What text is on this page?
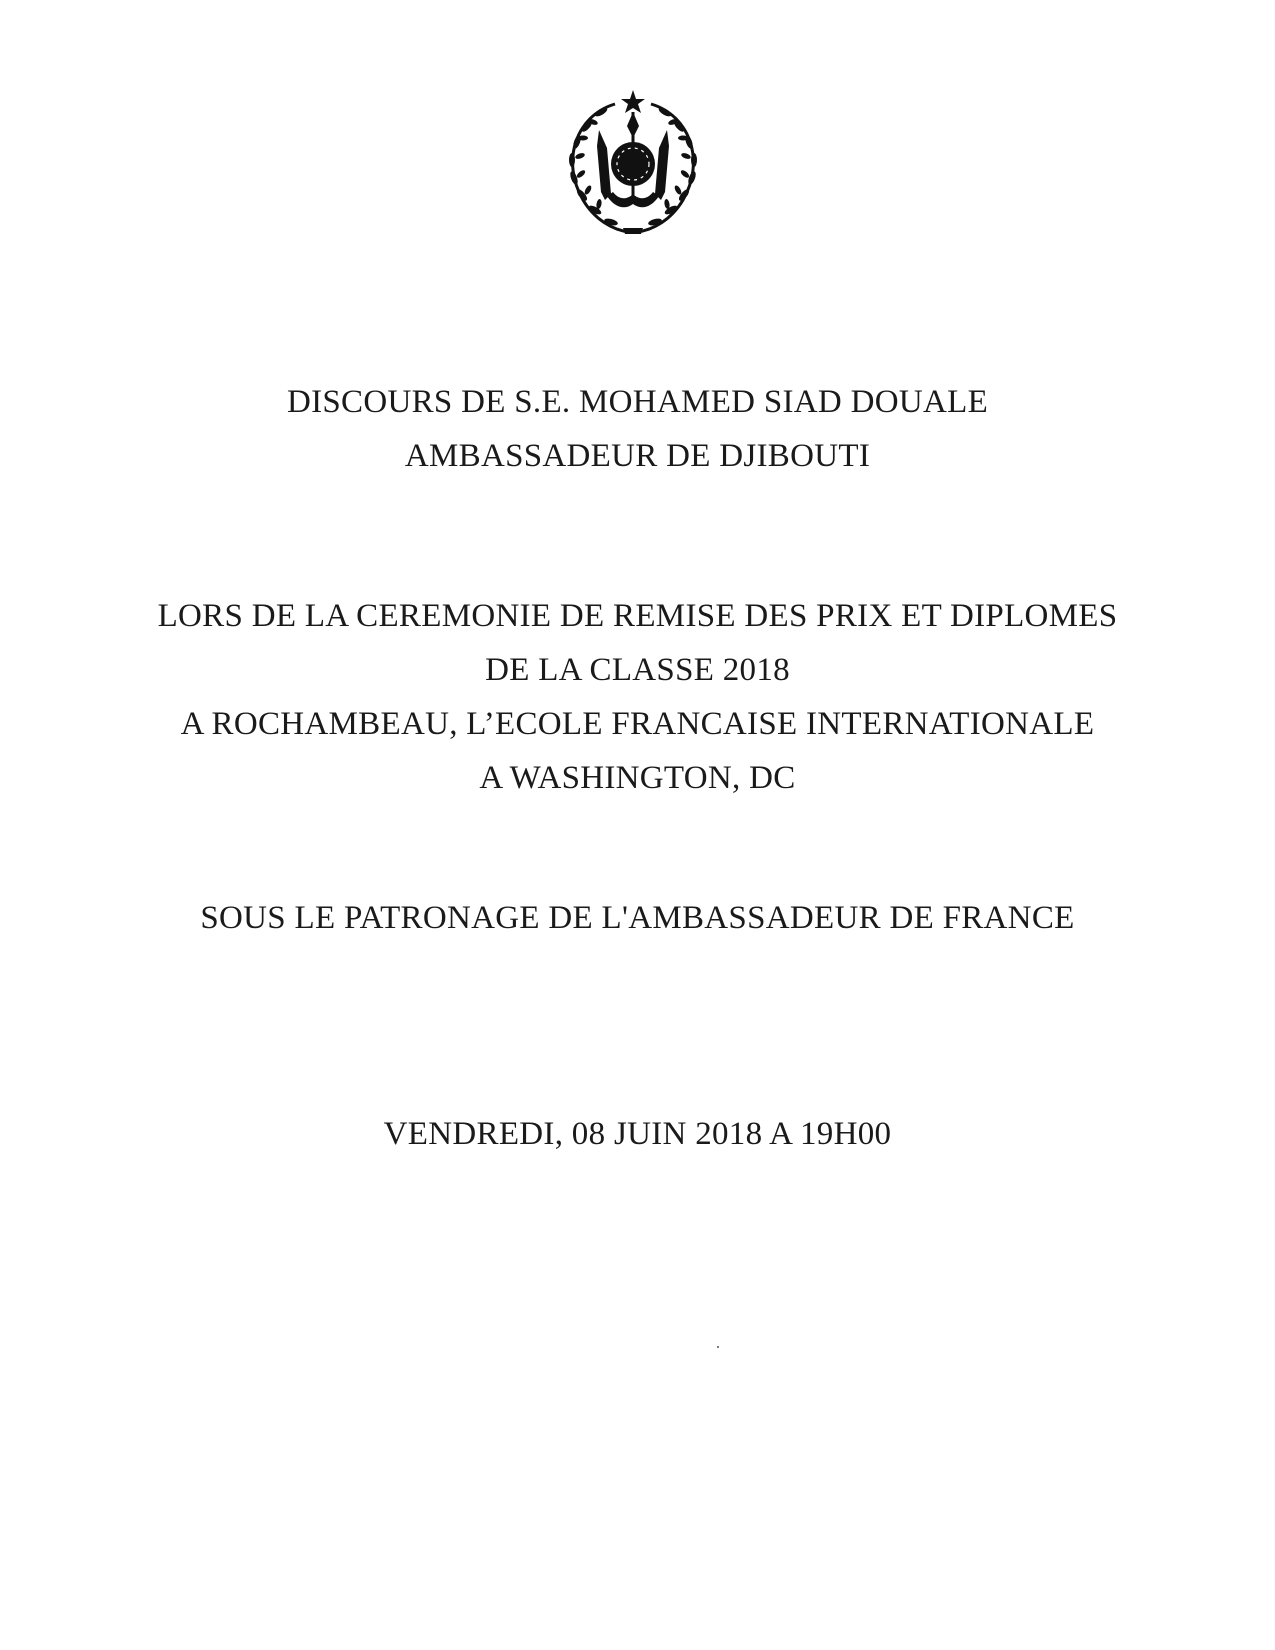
DISCOURS DE S.E. MOHAMED SIAD DOUALE
AMBASSADEUR DE DJIBOUTI
LORS DE LA CEREMONIE DE REMISE DES PRIX ET DIPLOMES
DE LA CLASSE 2018
A ROCHAMBEAU, L’ECOLE FRANCAISE INTERNATIONALE
A WASHINGTON, DC
SOUS LE PATRONAGE DE L'AMBASSADEUR DE FRANCE
VENDREDI, 08 JUIN 2018 A 19H00
